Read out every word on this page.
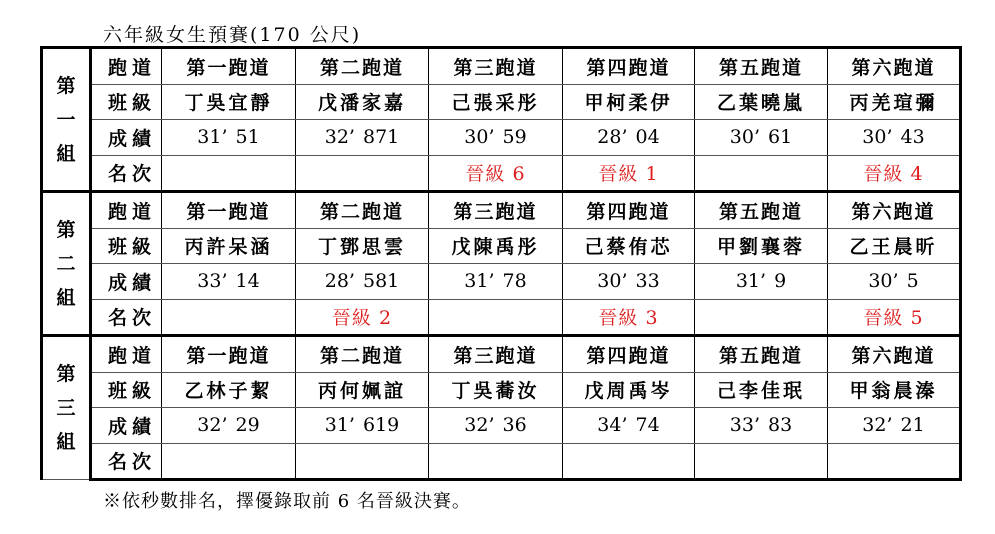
六年級女生預賽(170 公尺)
第
一
組	跑道	第一跑道	第二跑道	第三跑道	第四跑道	第五跑道	第六跑道
	班級	丁吳宜靜	戊潘家嘉	己張采彤	甲柯柔伊	乙葉曉嵐	丙羌瑄彌
	成績	31’ 51	32’ 871	30’ 59	28’ 04	30’ 61	30’ 43
	名次			晉級 6	晉級 1		晉級 4

第
二
組	跑道	第一跑道	第二跑道	第三跑道	第四跑道	第五跑道	第六跑道
	班級	丙許呆涵	丁鄧思雲	戊陳禹彤	己蔡侑芯	甲劉襄蓉	乙王晨昕
	成績	33’ 14	28’ 581	31’ 78	30’ 33	31’ 9	30’ 5
	名次		晉級 2		晉級 3		晉級 5

第
三
組	跑道	第一跑道	第二跑道	第三跑道	第四跑道	第五跑道	第六跑道
	班級	乙林子絜	丙何姵誼	丁吳蕎汝	戊周禹岑	己李佳珉	甲翁晨溱
	成績	32’ 29	31’ 619	32’ 36	34’ 74	33’ 83	32’ 21
	名次						
※依秒數排名，擇優錄取前 6 名晉級決賽。
